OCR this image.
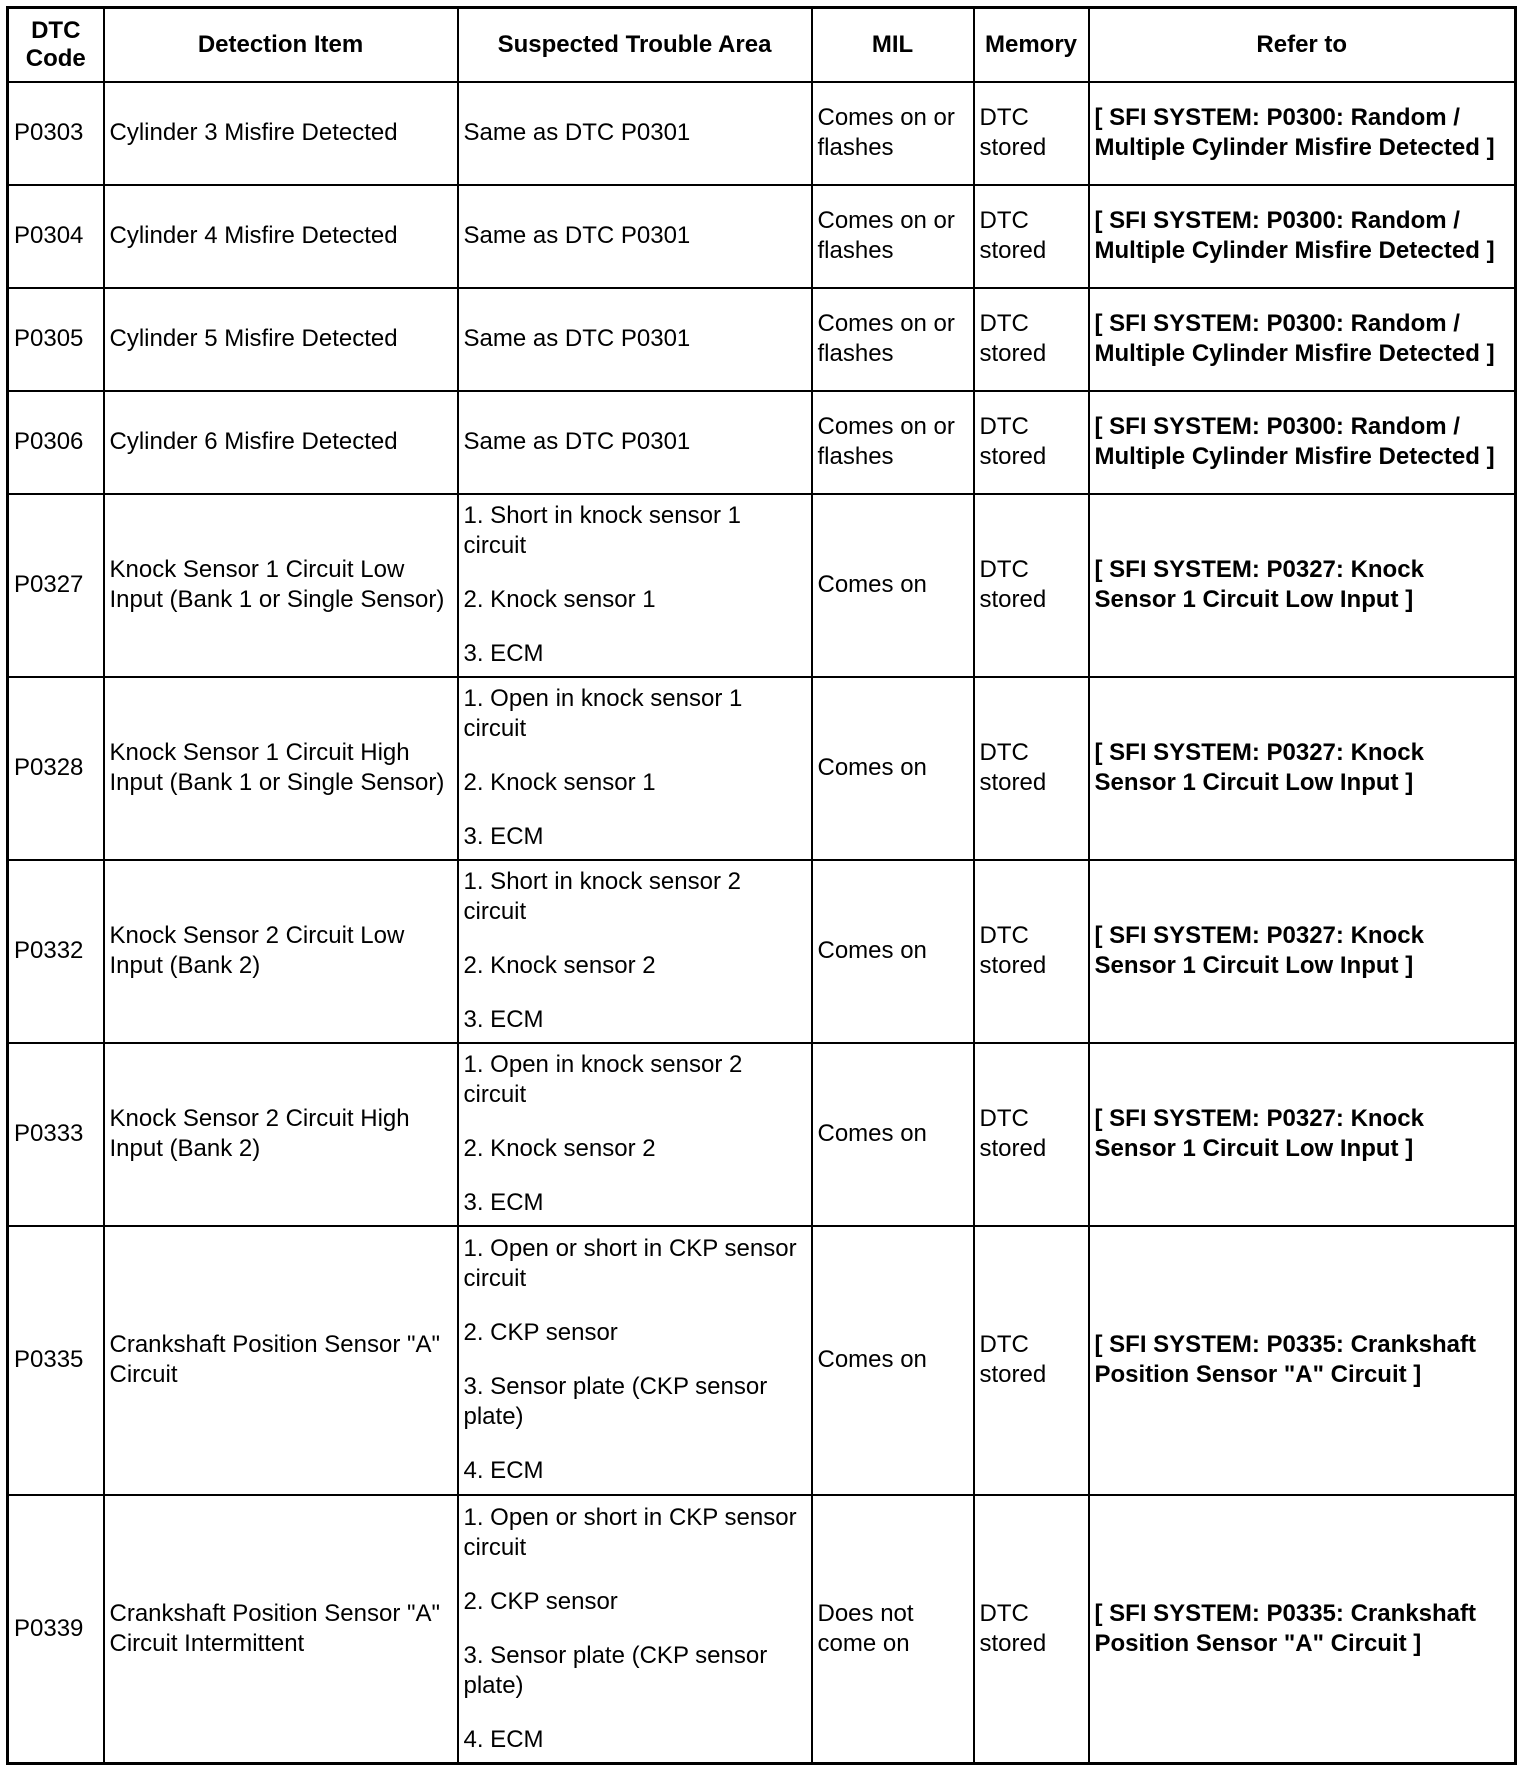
DTC Code	Detection Item	Suspected Trouble Area	MIL	Memory	Refer to
P0303	Cylinder 3 Misfire Detected	Same as DTC P0301	Comes on or flashes	DTC stored	[ SFI SYSTEM: P0300: Random / Multiple Cylinder Misfire Detected ]
P0304	Cylinder 4 Misfire Detected	Same as DTC P0301	Comes on or flashes	DTC stored	[ SFI SYSTEM: P0300: Random / Multiple Cylinder Misfire Detected ]
P0305	Cylinder 5 Misfire Detected	Same as DTC P0301	Comes on or flashes	DTC stored	[ SFI SYSTEM: P0300: Random / Multiple Cylinder Misfire Detected ]
P0306	Cylinder 6 Misfire Detected	Same as DTC P0301	Comes on or flashes	DTC stored	[ SFI SYSTEM: P0300: Random / Multiple Cylinder Misfire Detected ]
P0327	Knock Sensor 1 Circuit Low Input (Bank 1 or Single Sensor)	1. Short in knock sensor 1 circuit
2. Knock sensor 1
3. ECM	Comes on	DTC stored	[ SFI SYSTEM: P0327: Knock Sensor 1 Circuit Low Input ]
P0328	Knock Sensor 1 Circuit High Input (Bank 1 or Single Sensor)	1. Open in knock sensor 1 circuit
2. Knock sensor 1
3. ECM	Comes on	DTC stored	[ SFI SYSTEM: P0327: Knock Sensor 1 Circuit Low Input ]
P0332	Knock Sensor 2 Circuit Low Input (Bank 2)	1. Short in knock sensor 2 circuit
2. Knock sensor 2
3. ECM	Comes on	DTC stored	[ SFI SYSTEM: P0327: Knock Sensor 1 Circuit Low Input ]
P0333	Knock Sensor 2 Circuit High Input (Bank 2)	1. Open in knock sensor 2 circuit
2. Knock sensor 2
3. ECM	Comes on	DTC stored	[ SFI SYSTEM: P0327: Knock Sensor 1 Circuit Low Input ]
P0335	Crankshaft Position Sensor "A" Circuit	1. Open or short in CKP sensor circuit
2. CKP sensor
3. Sensor plate (CKP sensor plate)
4. ECM	Comes on	DTC stored	[ SFI SYSTEM: P0335: Crankshaft Position Sensor "A" Circuit ]
P0339	Crankshaft Position Sensor "A" Circuit Intermittent	1. Open or short in CKP sensor circuit
2. CKP sensor
3. Sensor plate (CKP sensor plate)
4. ECM	Does not come on	DTC stored	[ SFI SYSTEM: P0335: Crankshaft Position Sensor "A" Circuit ]
